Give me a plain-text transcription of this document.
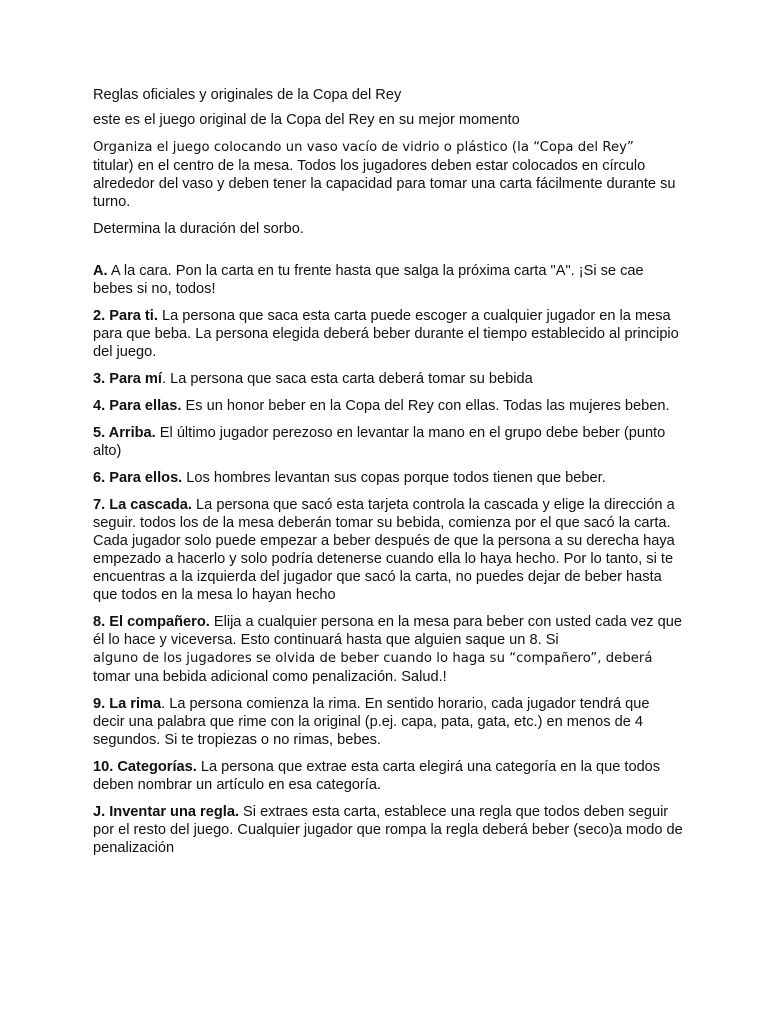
Reglas oficiales y originales de la Copa del Rey

este es el juego original de la Copa del Rey en su mejor momento

Organiza el juego colocando un vaso vacío de vidrio o plástico (la “Copa del Rey”
titular) en el centro de la mesa. Todos los jugadores deben estar colocados en círculo alrededor del vaso y deben tener la capacidad para tomar una carta fácilmente durante su turno.

Determina la duración del sorbo.

A. A la cara. Pon la carta en tu frente hasta que salga la próxima carta "A". ¡Si se cae bebes si no, todos!

2. Para ti. La persona que saca esta carta puede escoger a cualquier jugador en la mesa para que beba. La persona elegida deberá beber durante el tiempo establecido al principio del juego.

3. Para mí. La persona que saca esta carta deberá tomar su bebida

4. Para ellas. Es un honor beber en la Copa del Rey con ellas. Todas las mujeres beben.

5. Arriba. El último jugador perezoso en levantar la mano en el grupo debe beber (punto alto)

6. Para ellos. Los hombres levantan sus copas porque todos tienen que beber.

7. La cascada. La persona que sacó esta tarjeta controla la cascada y elige la dirección a seguir. todos los de la mesa deberán tomar su bebida, comienza por el que sacó la carta. Cada jugador solo puede empezar a beber después de que la persona a su derecha haya empezado a hacerlo y solo podría detenerse cuando ella lo haya hecho. Por lo tanto, si te encuentras a la izquierda del jugador que sacó la carta, no puedes dejar de beber hasta que todos en la mesa lo hayan hecho

8. El compañero. Elija a cualquier persona en la mesa para beber con usted cada vez que él lo hace y viceversa. Esto continuará hasta que alguien saque un 8. Si
alguno de los jugadores se olvida de beber cuando lo haga su “compañero”, deberá
tomar una bebida adicional como penalización. Salud.!

9. La rima. La persona comienza la rima. En sentido horario, cada jugador tendrá que decir una palabra que rime con la original (p.ej. capa, pata, gata, etc.) en menos de 4 segundos. Si te tropiezas o no rimas, bebes.

10. Categorías. La persona que extrae esta carta elegirá una categoría en la que todos deben nombrar un artículo en esa categoría.

J. Inventar una regla. Si extraes esta carta, establece una regla que todos deben seguir por el resto del juego. Cualquier jugador que rompa la regla deberá beber (seco)a modo de penalización
